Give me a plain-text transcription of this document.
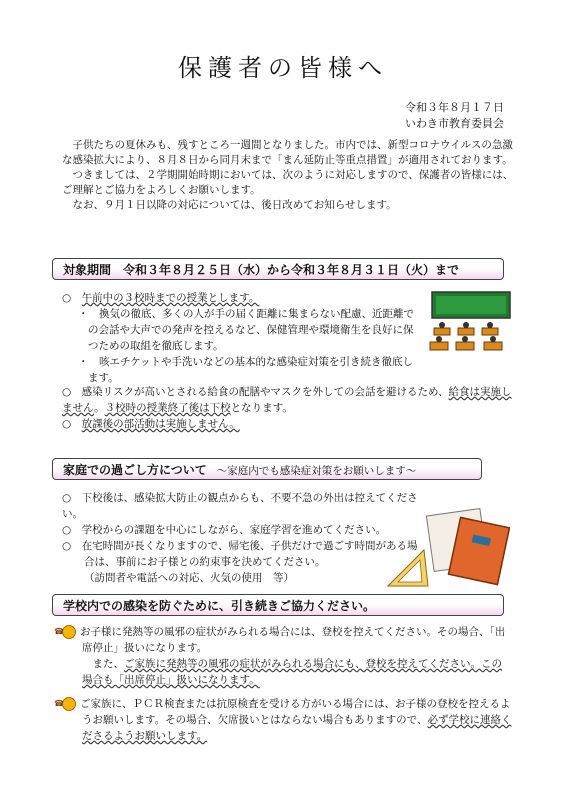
保護者の皆様へ
令和３年８月１７日
いわき市教育委員会

子供たちの夏休みも、残すところ一週間となりました。市内では、新型コロナウイルスの急激な感染拡大により、８月８日から同月末まで「まん延防止等重点措置」が適用されております。

つきましては、２学期開始時期においては、次のように対応しますので、保護者の皆様には、ご理解とご協力をよろしくお願いします。

なお、９月１日以降の対応については、後日改めてお知らせします。

対象期間　令和３年８月２５日（水）から令和３年８月３１日（火）まで
○　午前中の３校時までの授業とします。
・　換気の徹底、多くの人が手の届く距離に集まらない配慮、近距離での会話や大声での発声を控えるなど、保健管理や環境衛生を良好に保つための取組を徹底します。
・　咳エチケットや手洗いなどの基本的な感染症対策を引き続き徹底します。
○　感染リスクが高いとされる給食の配膳やマスクを外しての会話を避けるため、給食は実施しません。３校時の授業終了後は下校となります。
○　放課後の部活動は実施しません。
家庭での過ごし方について ～家庭内でも感染症対策をお願いします～
○　下校後は、感染拡大防止の観点からも、不要不急の外出は控えてください。
○　学校からの課題を中心にしながら、家庭学習を進めてください。
○　在宅時間が長くなりますので、帰宅後、子供だけで過ごす時間がある場合は、事前にお子様との約束事を決めてください。
（訪問者や電話への対応、火気の使用　等）
学校内での感染を防ぐために、引き続きご協力ください。
☎ お子様に発熱等の風邪の症状がみられる場合には、登校を控えてください。その場合、「出席停止」扱いになります。
また、ご家族に発熱等の風邪の症状がみられる場合にも、登校を控えてください。この場合も「出席停止」扱いになります。
☎ ご家族に、ＰＣＲ検査または抗原検査を受ける方がいる場合には、お子様の登校を控えるようお願いします。その場合、欠席扱いとはならない場合もありますので、必ず学校に連絡くださるようお願いします。
